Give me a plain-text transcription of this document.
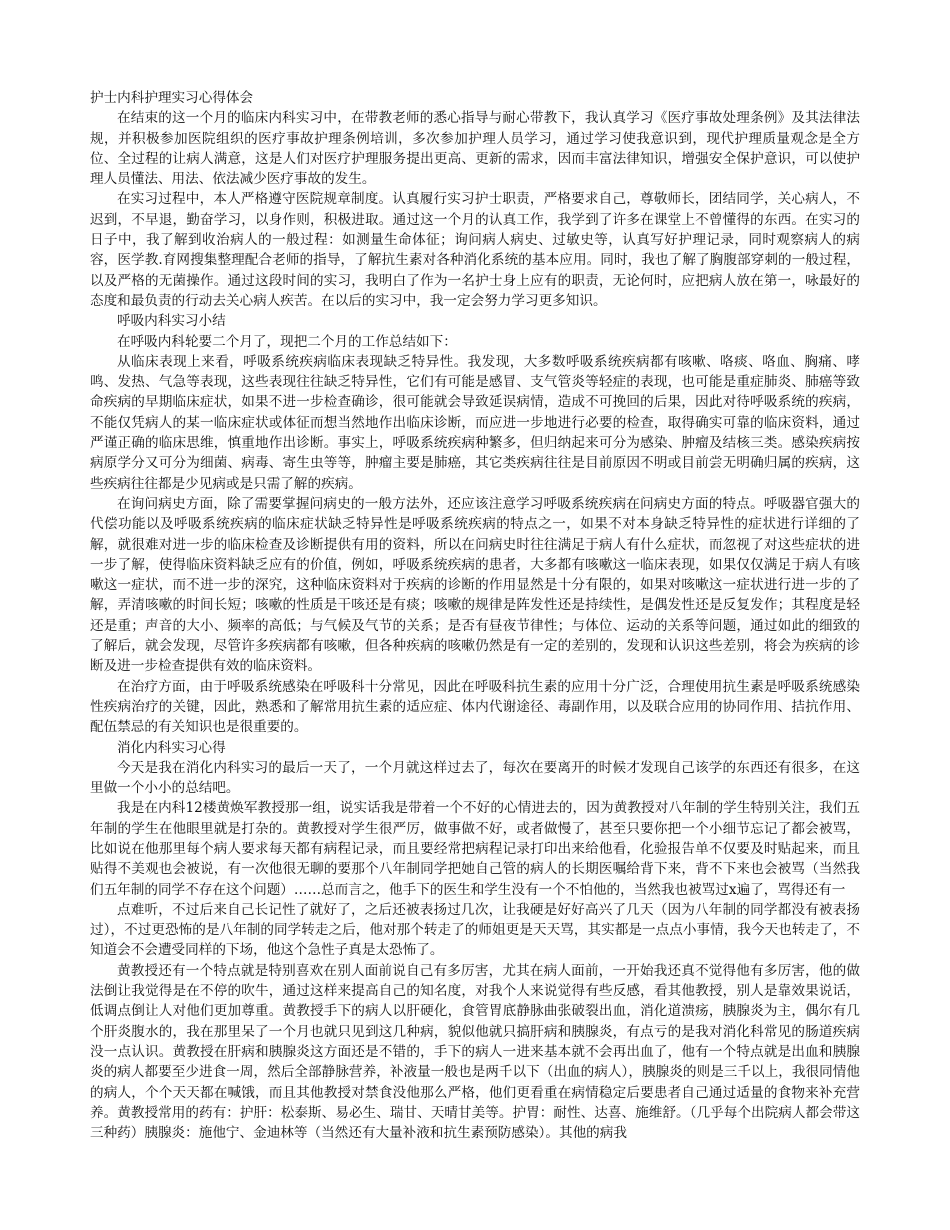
护士内科护理实习心得体会

在结束的这一个月的临床内科实习中，在带教老师的悉心指导与耐心带教下，我认真学习《医疗事故处理条例》及其法律法规，并积极参加医院组织的医疗事故护理条例培训，多次参加护理人员学习，通过学习使我意识到，现代护理质量观念是全方位、全过程的让病人满意，这是人们对医疗护理服务提出更高、更新的需求，因而丰富法律知识，增强安全保护意识，可以使护理人员懂法、用法、依法减少医疗事故的发生。

在实习过程中，本人严格遵守医院规章制度。认真履行实习护士职责，严格要求自己，尊敬师长，团结同学，关心病人，不迟到，不早退，勤奋学习，以身作则，积极进取。通过这一个月的认真工作，我学到了许多在课堂上不曾懂得的东西。在实习的日子中，我了解到收治病人的一般过程：如测量生命体征；询问病人病史、过敏史等，认真写好护理记录，同时观察病人的病容，医学教.育网搜集整理配合老师的指导，了解抗生素对各种消化系统的基本应用。同时，我也了解了胸腹部穿刺的一般过程，以及严格的无菌操作。通过这段时间的实习，我明白了作为一名护士身上应有的职责，无论何时，应把病人放在第一，咏最好的态度和最负责的行动去关心病人疾苦。在以后的实习中，我一定会努力学习更多知识。

呼吸内科实习小结

在呼吸内科轮要二个月了，现把二个月的工作总结如下：

从临床表现上来看，呼吸系统疾病临床表现缺乏特异性。我发现，大多数呼吸系统疾病都有咳嗽、咯痰、咯血、胸痛、哮鸣、发热、气急等表现，这些表现往往缺乏特异性，它们有可能是感冒、支气管炎等轻症的表现，也可能是重症肺炎、肺癌等致命疾病的早期临床症状，如果不进一步检查确诊，很可能就会导致延误病情，造成不可挽回的后果，因此对待呼吸系统的疾病，不能仅凭病人的某一临床症状或体征而想当然地作出临床诊断，而应进一步地进行必要的检查，取得确实可靠的临床资料，通过严谨正确的临床思维，慎重地作出诊断。事实上，呼吸系统疾病种繁多，但归纳起来可分为感染、肿瘤及结核三类。感染疾病按病原学分又可分为细菌、病毒、寄生虫等等，肿瘤主要是肺癌，其它类疾病往往是目前原因不明或目前尝无明确归属的疾病，这些疾病往往都是少见病或是只需了解的疾病。

在询问病史方面，除了需要掌握问病史的一般方法外，还应该注意学习呼吸系统疾病在问病史方面的特点。呼吸器官强大的代偿功能以及呼吸系统疾病的临床症状缺乏特异性是呼吸系统疾病的特点之一，如果不对本身缺乏特异性的症状进行详细的了解，就很难对进一步的临床检查及诊断提供有用的资料，所以在问病史时往往满足于病人有什么症状，而忽视了对这些症状的进一步了解，使得临床资料缺乏应有的价值，例如，呼吸系统疾病的患者，大多都有咳嗽这一临床表现，如果仅仅满足于病人有咳嗽这一症状，而不进一步的深究，这种临床资料对于疾病的诊断的作用显然是十分有限的，如果对咳嗽这一症状进行进一步的了解，弄清咳嗽的时间长短；咳嗽的性质是干咳还是有痰；咳嗽的规律是阵发性还是持续性，是偶发性还是反复发作；其程度是轻还是重；声音的大小、频率的高低；与气候及气节的关系；是否有昼夜节律性；与体位、运动的关系等问题，通过如此的细致的了解后，就会发现，尽管许多疾病都有咳嗽，但各种疾病的咳嗽仍然是有一定的差别的，发现和认识这些差别，将会为疾病的诊断及进一步检查提供有效的临床资料。

在治疗方面，由于呼吸系统感染在呼吸科十分常见，因此在呼吸科抗生素的应用十分广泛，合理使用抗生素是呼吸系统感染性疾病治疗的关键，因此，熟悉和了解常用抗生素的适应症、体内代谢途径、毒副作用，以及联合应用的协同作用、拮抗作用、配伍禁忌的有关知识也是很重要的。

消化内科实习心得

今天是我在消化内科实习的最后一天了，一个月就这样过去了，每次在要离开的时候才发现自己该学的东西还有很多，在这里做一个小小的总结吧。

我是在内科12楼黄焕军教授那一组，说实话我是带着一个不好的心情进去的，因为黄教授对八年制的学生特别关注，我们五年制的学生在他眼里就是打杂的。黄教授对学生很严厉，做事做不好，或者做慢了，甚至只要你把一个小细节忘记了都会被骂，比如说在他那里每个病人要求每天都有病程记录，而且要经常把病程记录打印出来给他看，化验报告单不仅要及时贴起来，而且贴得不美观也会被说，有一次他很无聊的要那个八年制同学把她自己管的病人的长期医嘱给背下来，背不下来也会被骂（当然我们五年制的同学不存在这个问题）……总而言之，他手下的医生和学生没有一个不怕他的，当然我也被骂过x遍了，骂得还有一

点难听，不过后来自己长记性了就好了，之后还被表扬过几次，让我硬是好好高兴了几天（因为八年制的同学都没有被表扬过），不过更恐怖的是八年制的同学转走之后，他对那个转走了的师姐更是天天骂，其实都是一点点小事情，我今天也转走了，不知道会不会遭受同样的下场，他这个急性子真是太恐怖了。

黄教授还有一个特点就是特别喜欢在别人面前说自己有多厉害，尤其在病人面前，一开始我还真不觉得他有多厉害，他的做法倒让我觉得是在不停的吹牛，通过这样来提高自己的知名度，对我个人来说觉得有些反感，看其他教授，别人是靠效果说话，低调点倒让人对他们更加尊重。黄教授手下的病人以肝硬化，食管胃底静脉曲张破裂出血，消化道溃疡，胰腺炎为主，偶尔有几个肝炎腹水的，我在那里呆了一个月也就只见到这几种病，貌似他就只搞肝病和胰腺炎，有点亏的是我对消化科常见的肠道疾病没一点认识。黄教授在肝病和胰腺炎这方面还是不错的，手下的病人一进来基本就不会再出血了，他有一个特点就是出血和胰腺炎的病人都要至少进食一周，然后全部静脉营养，补液量一般也是两千以下（出血的病人），胰腺炎的则是三千以上，我很同情他的病人，个个天天都在喊饿，而且其他教授对禁食没他那么严格，他们更看重在病情稳定后要患者自己通过适量的食物来补充营养。黄教授常用的药有：护肝：松泰斯、易必生、瑞甘、天晴甘美等。护胃：耐性、达喜、施维舒。（几乎每个出院病人都会带这三种药）胰腺炎：施他宁、金迪林等（当然还有大量补液和抗生素预防感染）。其他的病我
